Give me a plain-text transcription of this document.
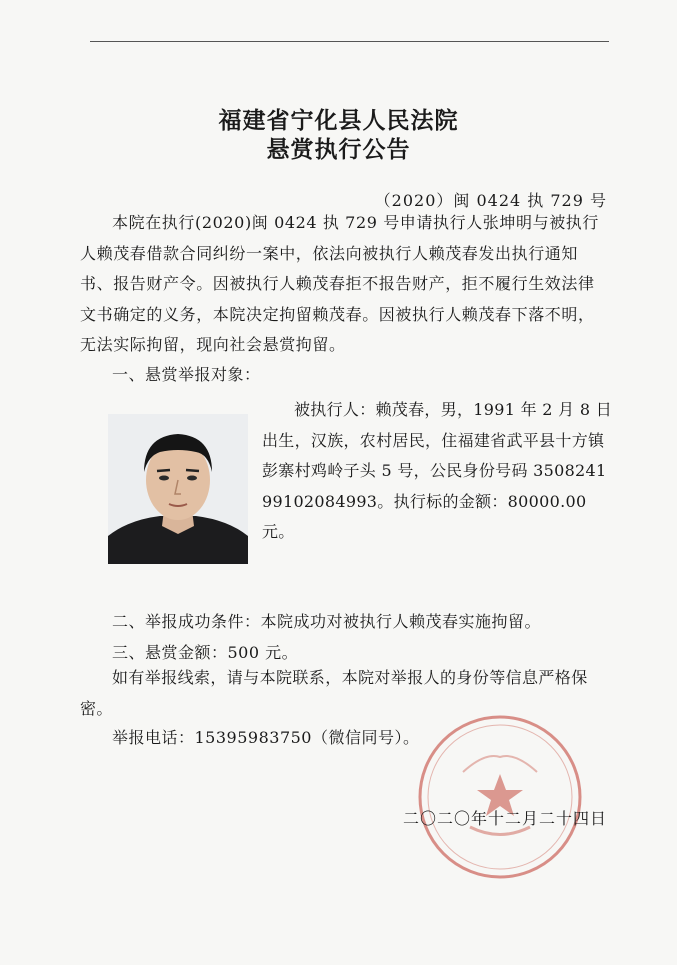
福建省宁化县人民法院
悬赏执行公告
（2020）闽 0424 执 729 号
本院在执行(2020)闽 0424 执 729 号申请执行人张坤明与被执行人赖茂春借款合同纠纷一案中，依法向被执行人赖茂春发出执行通知书、报告财产令。因被执行人赖茂春拒不报告财产，拒不履行生效法律文书确定的义务，本院决定拘留赖茂春。因被执行人赖茂春下落不明，无法实际拘留，现向社会悬赏拘留。
一、悬赏举报对象：
被执行人：赖茂春，男，1991 年 2 月 8 日出生，汉族，农村居民，住福建省武平县十方镇彭寨村鸡岭子头 5 号，公民身份号码 350824199102084993。执行标的金额：80000.00 元。
二、举报成功条件：本院成功对被执行人赖茂春实施拘留。
三、悬赏金额：500 元。
如有举报线索，请与本院联系，本院对举报人的身份等信息严格保密。
举报电话：15395983750（微信同号）。
二〇二〇年十二月二十四日
